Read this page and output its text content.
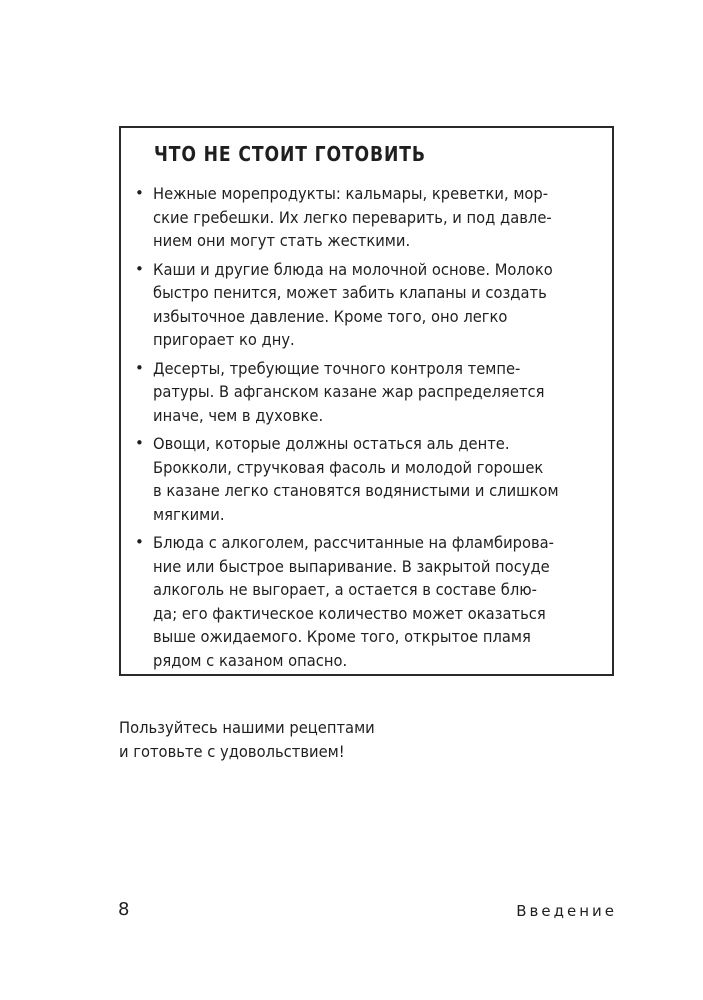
ЧТО НЕ СТОИТ ГОТОВИТЬ
• Нежные морепродукты: кальмары, креветки, мор-
ские гребешки. Их легко переварить, и под давле-
нием они могут стать жесткими.
• Каши и другие блюда на молочной основе. Молоко
быстро пенится, может забить клапаны и создать
избыточное давление. Кроме того, оно легко
пригорает ко дну.
• Десерты, требующие точного контроля темпе-
ратуры. В афганском казане жар распределяется
иначе, чем в духовке.
• Овощи, которые должны остаться аль денте.
Брокколи, стручковая фасоль и молодой горошек
в казане легко становятся водянистыми и слишком
мягкими.
• Блюда с алкоголем, рассчитанные на фламбирова-
ние или быстрое выпаривание. В закрытой посуде
алкоголь не выгорает, а остается в составе блю-
да; его фактическое количество может оказаться
выше ожидаемого. Кроме того, открытое пламя
рядом с казаном опасно.
Пользуйтесь нашими рецептами
и готовьте с удовольствием!
8	Введение
